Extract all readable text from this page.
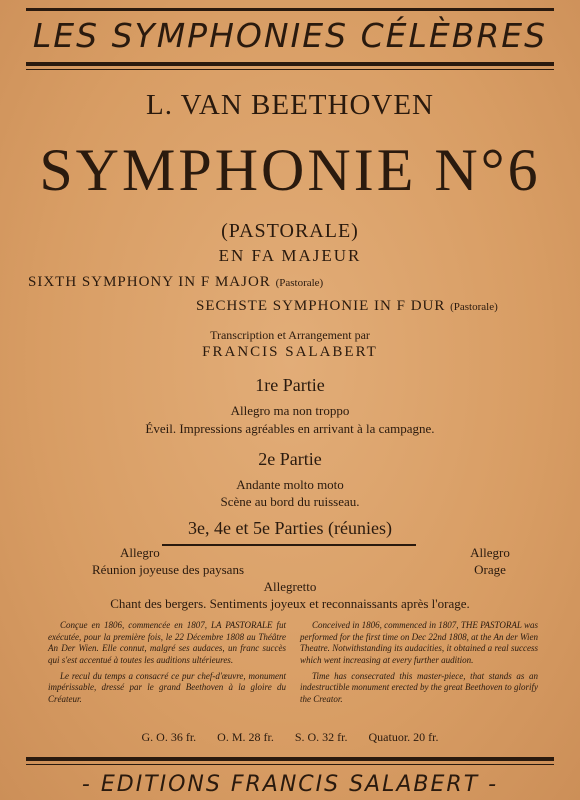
LES SYMPHONIES CÉLÈBRES
L. VAN BEETHOVEN
SYMPHONIE N°6
(PASTORALE)
EN FA MAJEUR
SIXTH SYMPHONY IN F MAJOR (Pastorale)
SECHSTE SYMPHONIE IN F DUR (Pastorale)
Transcription et Arrangement par
FRANCIS SALABERT
1re Partie
Allegro ma non troppo
Éveil. Impressions agréables en arrivant à la campagne.
2e Partie
Andante molto moto
Scène au bord du ruisseau.
3e, 4e et 5e Parties (réunies)
Allegro
Réunion joyeuse des paysans
Allegro
Orage
Allegretto
Chant des bergers. Sentiments joyeux et reconnaissants après l'orage.

Conçue en 1806, commencée en 1807, LA PASTORALE fut exécutée, pour la première fois, le 22 Décembre 1808 au Théâtre An Der Wien. Elle connut, malgré ses audaces, un franc succès qui s'est accentué à toutes les auditions ultérieures.

Le recul du temps a consacré ce pur chef-d'œuvre, monument impérissable, dressé par le grand Beethoven à la gloire du Créateur.

Conceived in 1806, commenced in 1807, THE PASTORAL was performed for the first time on Dec 22nd 1808, at the An der Wien Theatre. Notwithstanding its audacities, it obtained a real success which went increasing at every further audition.

Time has consecrated this master-piece, that stands as an indestructible monument erected by the great Beethoven to glorify the Creator.

G. O. 36 fr. O. M. 28 fr. S. O. 32 fr. Quatuor. 20 fr.
- EDITIONS FRANCIS SALABERT -
